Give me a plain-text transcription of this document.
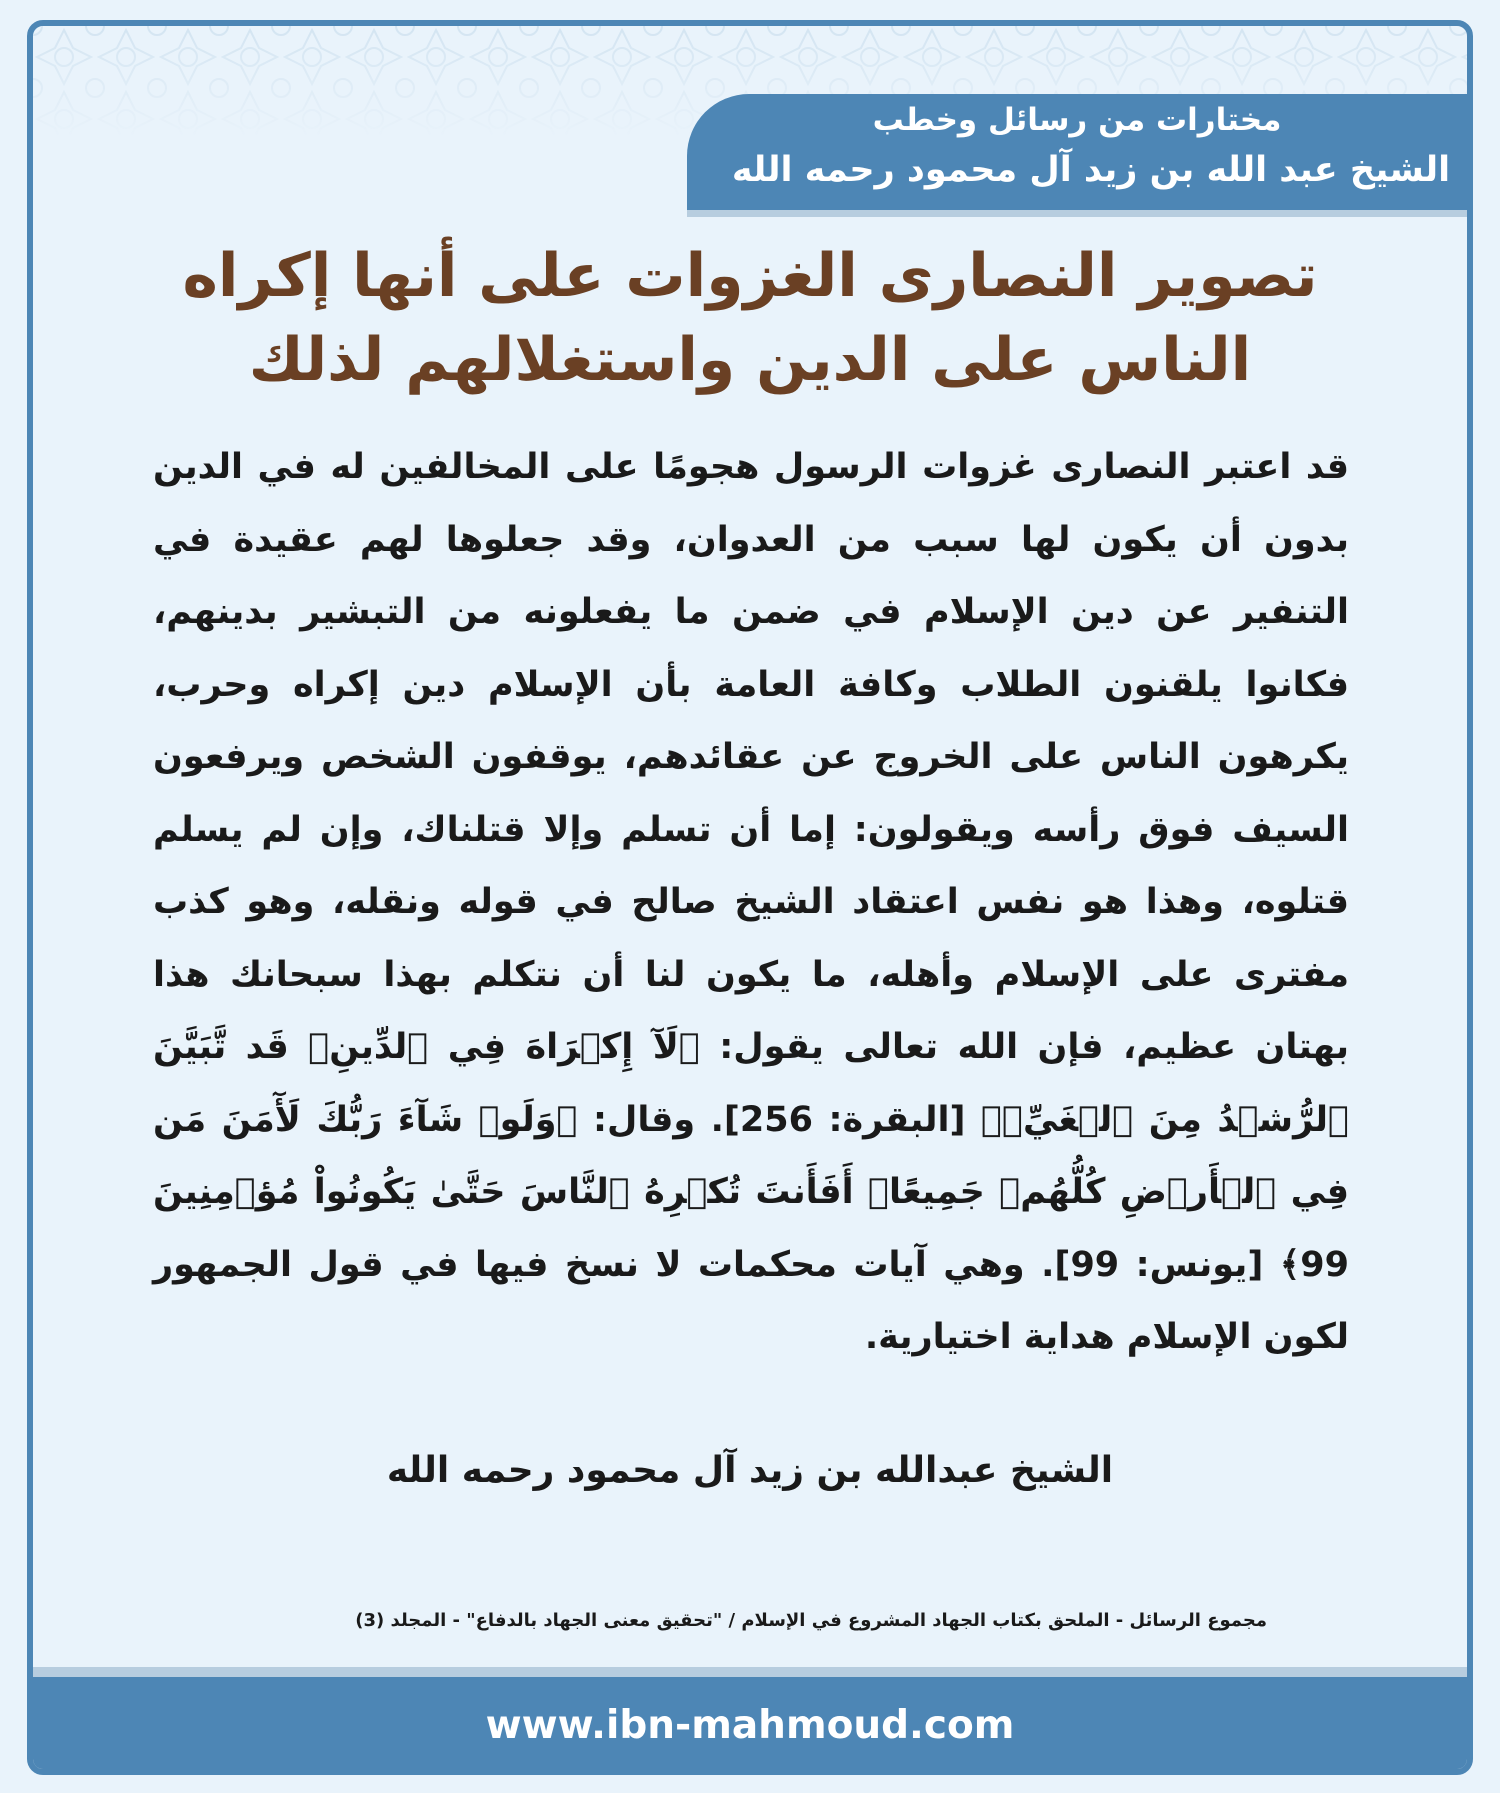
مختارات من رسائل وخطب
الشيخ عبد الله بن زيد آل محمود رحمه الله
تصوير النصارى الغزوات على أنها إكراه الناس على الدين واستغلالهم لذلك

قد اعتبر النصارى غزوات الرسول هجومًا على المخالفين له في الدين بدون أن يكون لها سبب من العدوان، وقد جعلوها لهم عقيدة في التنفير عن دين الإسلام في ضمن ما يفعلونه من التبشير بدينهم، فكانوا يلقنون الطلاب وكافة العامة بأن الإسلام دين إكراه وحرب، يكرهون الناس على الخروج عن عقائدهم، يوقفون الشخص ويرفعون السيف فوق رأسه ويقولون: إما أن تسلم وإلا قتلناك، وإن لم يسلم قتلوه، وهذا هو نفس اعتقاد الشيخ صالح في قوله ونقله، وهو كذب مفترى على الإسلام وأهله، ما يكون لنا أن نتكلم بهذا سبحانك هذا بهتان عظيم، فإن الله تعالى يقول: ﴿لَآ إِكۡرَاهَ فِي ٱلدِّينِۖ قَد تَّبَيَّنَ ٱلرُّشۡدُ مِنَ ٱلۡغَيِّۚ﴾ [البقرة: 256]. وقال: ﴿وَلَوۡ شَآءَ رَبُّكَ لَأٓمَنَ مَن فِي ٱلۡأَرۡضِ كُلُّهُمۡ جَمِيعًاۚ أَفَأَنتَ تُكۡرِهُ ٱلنَّاسَ حَتَّىٰ يَكُونُواْ مُؤۡمِنِينَ 99﴾ [يونس: 99]. وهي آيات محكمات لا نسخ فيها في قول الجمهور لكون الإسلام هداية اختيارية.

الشيخ عبدالله بن زيد آل محمود رحمه الله
مجموع الرسائل - الملحق بكتاب الجهاد المشروع في الإسلام / "تحقيق معنى الجهاد بالدفاع" - المجلد (3)
www.ibn-mahmoud.com
